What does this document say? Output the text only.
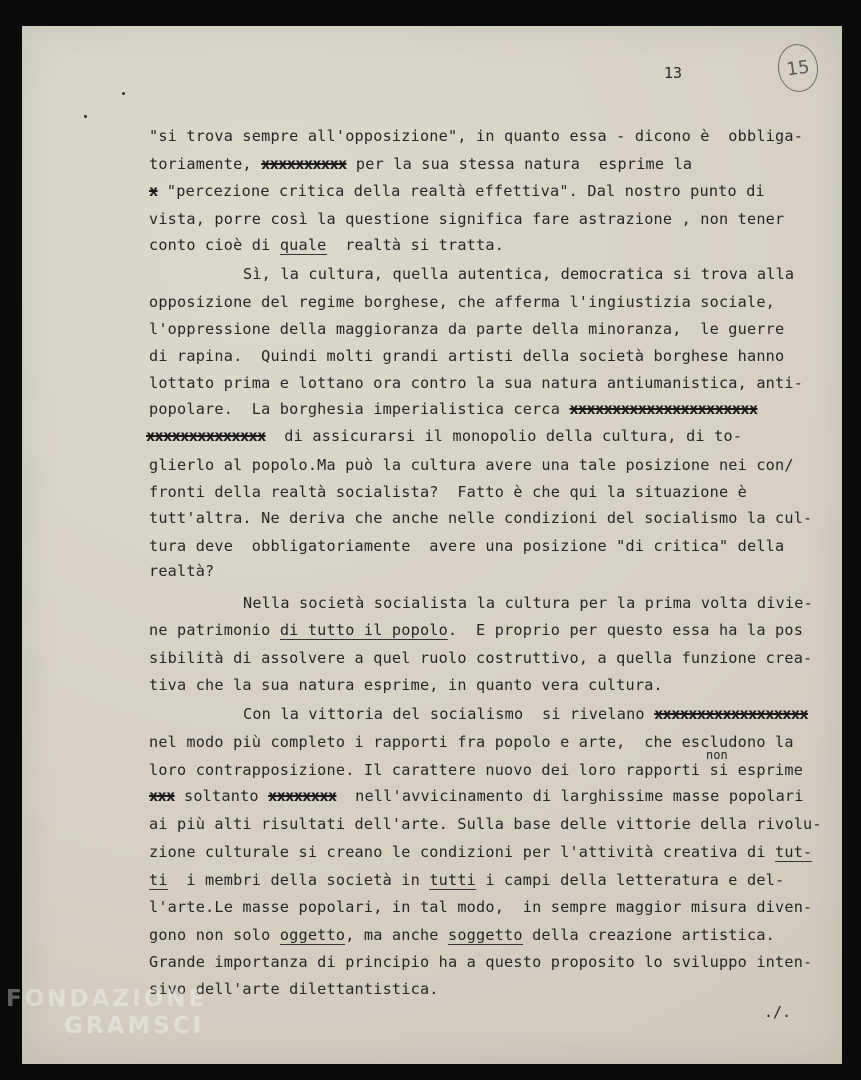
13	15
"si trova sempre all'opposizione", in quanto essa - dicono è  obbliga-
toriamente, xxxxxxxxxx per la sua stessa natura  esprime la
x "percezione critica della realtà effettiva". Dal nostro punto di
vista, porre così la questione significa fare astrazione , non tener
conto cioè di quale  realtà si tratta.
Sì, la cultura, quella autentica, democratica si trova alla
opposizione del regime borghese, che afferma l'ingiustizia sociale,
l'oppressione della maggioranza da parte della minoranza,  le guerre
di rapina.  Quindi molti grandi artisti della società borghese hanno
lottato prima e lottano ora contro la sua natura antiumanistica, anti-
popolare.  La borghesia imperialistica cerca xxxxxxxxxxxxxxxxxxxxxx
xxxxxxxxxxxxxx  di assicurarsi il monopolio della cultura, di to-
glierlo al popolo.Ma può la cultura avere una tale posizione nei con/
fronti della realtà socialista?  Fatto è che qui la situazione è
tutt'altra. Ne deriva che anche nelle condizioni del socialismo la cul-
tura deve  obbligatoriamente  avere una posizione "di critica" della
realtà?
Nella società socialista la cultura per la prima volta divie-
ne patrimonio di tutto il popolo.  E proprio per questo essa ha la pos
sibilità di assolvere a quel ruolo costruttivo, a quella funzione crea-
tiva che la sua natura esprime, in quanto vera cultura.
Con la vittoria del socialismo  si rivelano xxxxxxxxxxxxxxxxxx
nel modo più completo i rapporti fra popolo e arte,  che escludono la
loro contrapposizione. Il carattere nuovo dei loro rapporti si esprime
xxx soltanto xxxxxxxx  nell'avvicinamento di larghissime masse popolari
ai più alti risultati dell'arte. Sulla base delle vittorie della rivolu-
zione culturale si creano le condizioni per l'attività creativa di tut-
ti  i membri della società in tutti i campi della letteratura e del-
l'arte.Le masse popolari, in tal modo,  in sempre maggior misura diven-
gono non solo oggetto, ma anche soggetto della creazione artistica.
Grande importanza di principio ha a questo proposito lo sviluppo inten-
sivo dell'arte dilettantistica.
non
./.
FONDAZIONE
GRAMSCI
